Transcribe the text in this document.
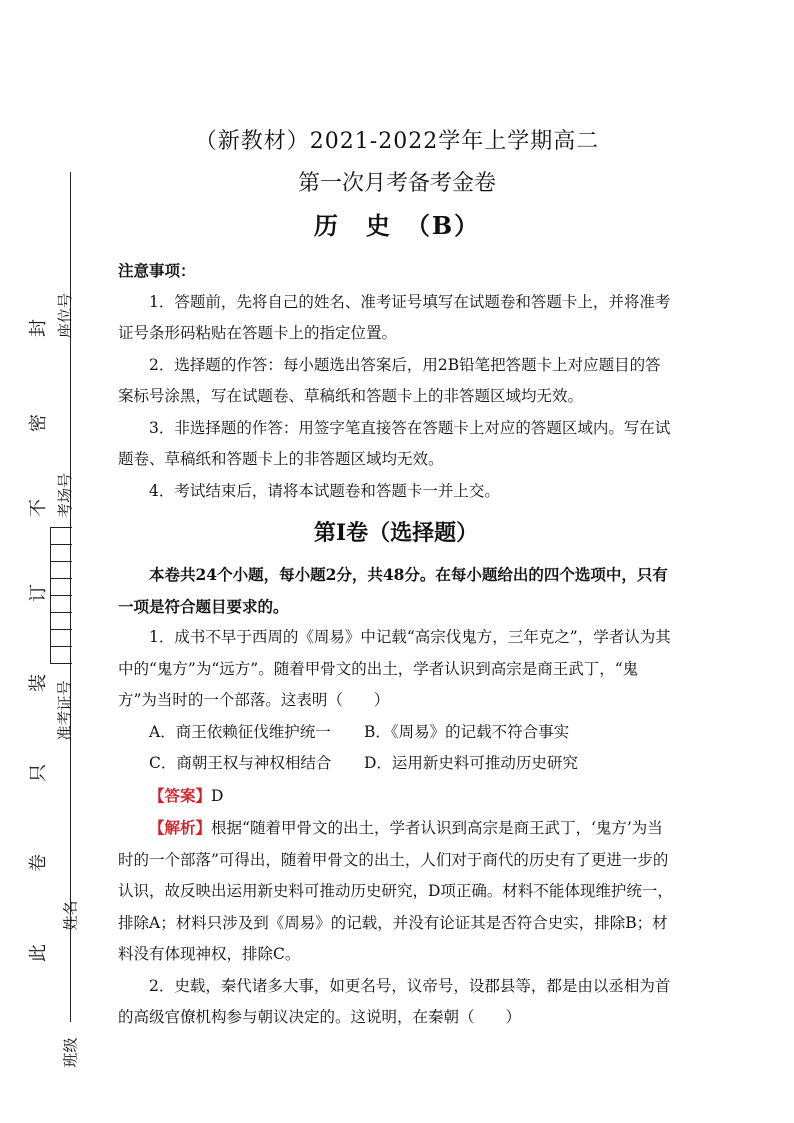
封
密
不
订
装
只
卷
此
座位号
考场号
准考证号
姓名
班级
（新教材）2021-2022学年上学期高二
第一次月考备考金卷
历　史　（B）

注意事项：

1．答题前，先将自己的姓名、准考证号填写在试题卷和答题卡上，并将准考证号条形码粘贴在答题卡上的指定位置。

2．选择题的作答：每小题选出答案后，用2B铅笔把答题卡上对应题目的答案标号涂黑，写在试题卷、草稿纸和答题卡上的非答题区域均无效。

3．非选择题的作答：用签字笔直接答在答题卡上对应的答题区域内。写在试题卷、草稿纸和答题卡上的非答题区域均无效。

4．考试结束后，请将本试题卷和答题卡一并上交。

第Ⅰ卷（选择题）

本卷共24个小题，每小题2分，共48分。在每小题给出的四个选项中，只有一项是符合题目要求的。

1．成书不早于西周的《周易》中记载“高宗伐鬼方，三年克之”，学者认为其中的“鬼方”为“远方”。随着甲骨文的出土，学者认识到高宗是商王武丁，“鬼方”为当时的一个部落。这表明（　　）

A．商王依赖征伐维护统一	B．《周易》的记载不符合事实
C．商朝王权与神权相结合	D．运用新史料可推动历史研究

【答案】D

【解析】根据“随着甲骨文的出土，学者认识到高宗是商王武丁，‘鬼方’为当时的一个部落”可得出，随着甲骨文的出土，人们对于商代的历史有了更进一步的认识，故反映出运用新史料可推动历史研究，D项正确。材料不能体现维护统一，排除A；材料只涉及到《周易》的记载，并没有论证其是否符合史实，排除B；材料没有体现神权，排除C。

2．史载，秦代诸多大事，如更名号，议帝号，设郡县等，都是由以丞相为首的高级官僚机构参与朝议决定的。这说明，在秦朝（　　）
